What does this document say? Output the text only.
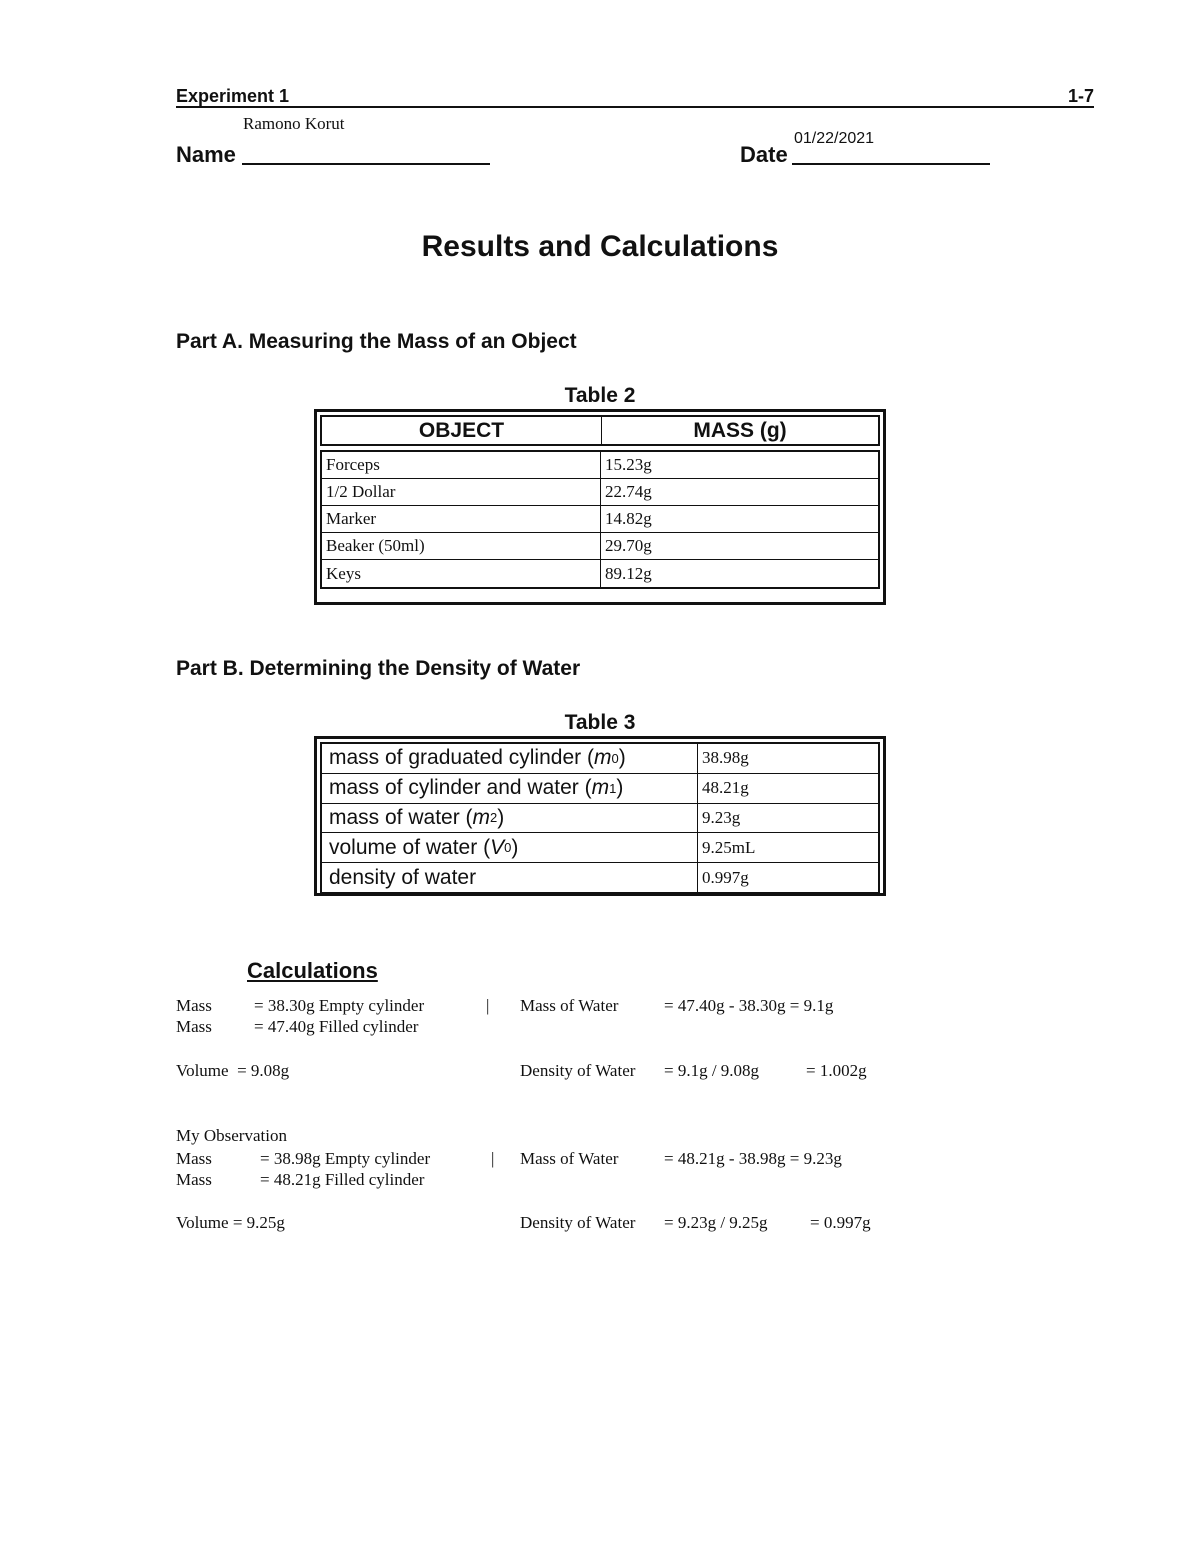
Experiment 1	1-7
Ramono Korut
Name
01/22/2021
Date
Results and Calculations
Part A. Measuring the Mass of an Object
Table 2
OBJECT	MASS (g)
Forceps	15.23g
1/2 Dollar	22.74g
Marker	14.82g
Beaker (50ml)	29.70g
Keys	89.12g
Part B. Determining the Density of Water
Table 3
mass of graduated cylinder ( m 0 )	38.98g
mass of cylinder and water ( m 1 )	48.21g
mass of water ( m 2 )	9.23g
volume of water ( V 0 )	9.25mL
density of water	0.997g
Calculations
Mass = 38.30g Empty cylinder	| Mass of Water	= 47.40g - 38.30g = 9.1g
Mass = 47.40g Filled cylinder
Volume  = 9.08g	Density of Water = 9.1g / 9.08g	= 1.002g
My Observation
Mass	= 38.98g Empty cylinder	| Mass of Water	= 48.21g - 38.98g = 9.23g
Mass	= 48.21g Filled cylinder
Volume = 9.25g	Density of Water = 9.23g / 9.25g = 0.997g
